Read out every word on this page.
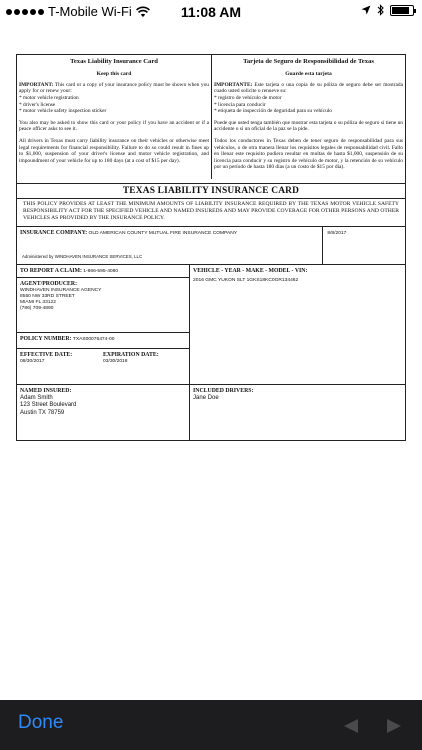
T-Mobile Wi-Fi	11:08 AM
Texas Liability Insurance Card
Keep this card
IMPORTANT: This card or a copy of your insurance policy must be shown when you apply for or renew your:
* motor vehicle registration
* driver's license
* motor vehicle safety inspection sticker
You also may be asked to show this card or your policy if you have an accident or if a peace officer asks to see it.
All drivers in Texas must carry liability insurance on their vehicles or otherwise meet legal requirements for financial responsibility. Failure to do so could result in fines up to $1,000, suspension of your driver's license and motor vehicle registration, and impoundment of your vehicle for up to 180 days (at a cost of $15 per day).
Tarjeta de Seguro de Responsibilidad de Texas
Guarde esta tarjeta
IMPORTANTE: Este tarjeta o una copia de su póliza de seguro debe ser mostrada cuado usted solicite o renueve su:
* registro de vehículo de motor
* licencia para conducir
* etiqueta de inspección de deguridad para su vehículo
Puede que usted tenga también que mostrar esta tarjeta o su póliza de seguro si tiene un accidente o si un oficial de la paz se la pide.
Todos los conductores in Texas deben de tener seguro de responsabilidad para sus vehículos, o de otra manera llenar los requisitos legales de responsabilidad civil. Fallo en llenar este requisito pudiera resultar en multas de hasta $1,000, suspensión de su licencia para conducir y su registro de vehículo de motor, y la retención de su vehículo por un período de hasta 180 días (a un costo de $15 por día).
TEXAS LIABILITY INSURANCE CARD
THIS POLICY PROVIDES AT LEAST THE MINIMUM AMOUNTS OF LIABILITY INSURANCE REQUIRED BY THE TEXAS MOTOR VEHICLE SAFETY RESPONSIBILITY ACT FOR THE SPECIFIED VEHICLE AND NAMED INSUREDS AND MAY PROVIDE COVERAGE FOR OTHER PERSONS AND OTHER VEHICLES AS PROVIDED BY THE INSURANCE POLICY.
INSURANCE COMPANY: OLD AMERICAN COUNTY MUTUAL FIRE INSURANCE COMPANY
Administered by WINDHAVEN INSURANCE SERVICES, LLC
8/8/2017
TO REPORT A CLAIM: 1-866-595-4080
AGENT/PRODUCER:
WINDHAVEN INSURANCE AGENCY
8550 NW 33RD STREET
MIAMI FL 33122
(786) 709-4890
POLICY NUMBER: TXAS00076474-00
EFFECTIVE DATE:
09/30/2017
EXPIRATION DATE:
03/30/2018
VEHICLE - YEAR - MAKE - MODEL - VIN:
2016 GMC YUKON SLT 1GKS18KC0GR134462
NAMED INSURED:
Adam Smith
123 Street Boulevard
Austin TX 78759
INCLUDED DRIVERS:
Jane Doe
Done
